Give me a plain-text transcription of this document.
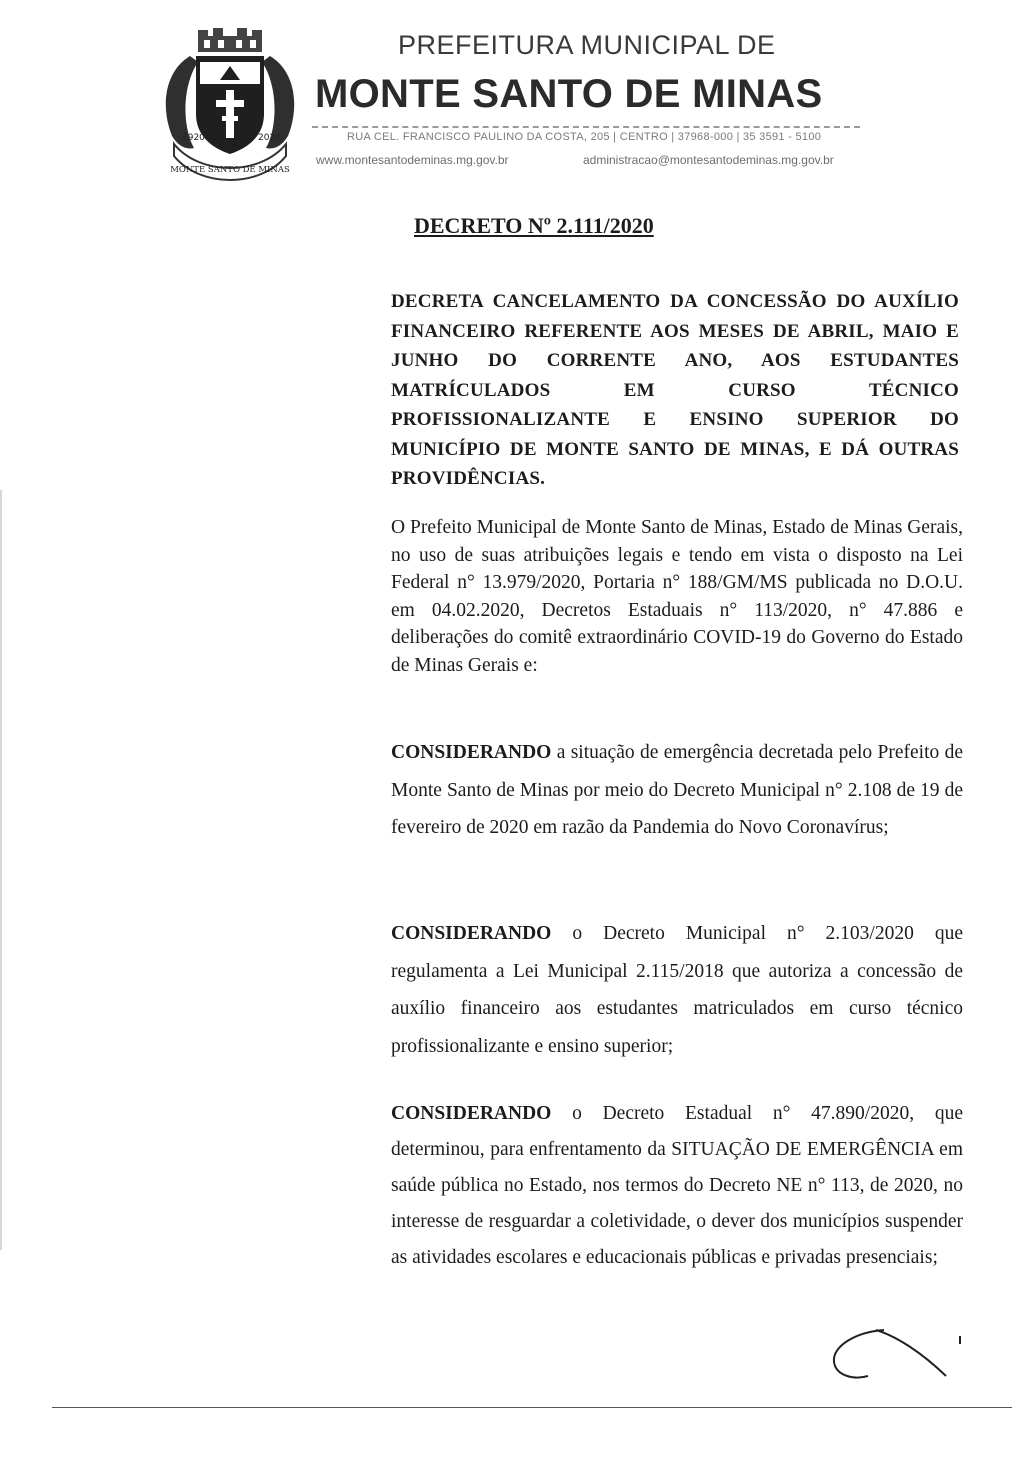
MONTE SANTO DE MINAS
1920	2020
PREFEITURA MUNICIPAL DE
MONTE SANTO DE MINAS
RUA CEL. FRANCISCO PAULINO DA COSTA, 205 | CENTRO | 37968-000 | 35 3591 - 5100
www.montesantodeminas.mg.gov.br	administracao@montesantodeminas.mg.gov.br
DECRETO Nº 2.111/2020
DECRETA CANCELAMENTO DA CONCESSÃO DO AUXÍLIO FINANCEIRO REFERENTE AOS MESES DE ABRIL, MAIO E JUNHO DO CORRENTE ANO, AOS ESTUDANTES MATRÍCULADOS EM CURSO TÉCNICO PROFISSIONALIZANTE E ENSINO SUPERIOR DO MUNICÍPIO DE MONTE SANTO DE MINAS, E DÁ OUTRAS PROVIDÊNCIAS.
O Prefeito Municipal de Monte Santo de Minas, Estado de Minas Gerais, no uso de suas atribuições legais e tendo em vista o disposto na Lei Federal n° 13.979/2020, Portaria n° 188/GM/MS publicada no D.O.U. em 04.02.2020, Decretos Estaduais n° 113/2020, n° 47.886 e deliberações do comitê extraordinário COVID-19 do Governo do Estado de Minas Gerais e:
CONSIDERANDO a situação de emergência decretada pelo Prefeito de Monte Santo de Minas por meio do Decreto Municipal n° 2.108 de 19 de fevereiro de 2020 em razão da Pandemia do Novo Coronavírus;
CONSIDERANDO o Decreto Municipal n° 2.103/2020 que regulamenta a Lei Municipal 2.115/2018 que autoriza a concessão de auxílio financeiro aos estudantes matriculados em curso técnico profissionalizante e ensino superior;
CONSIDERANDO o Decreto Estadual n° 47.890/2020, que determinou, para enfrentamento da SITUAÇÃO DE EMERGÊNCIA em saúde pública no Estado, nos termos do Decreto NE n° 113, de 2020, no interesse de resguardar a coletividade, o dever dos municípios suspender as atividades escolares e educacionais públicas e privadas presenciais;
